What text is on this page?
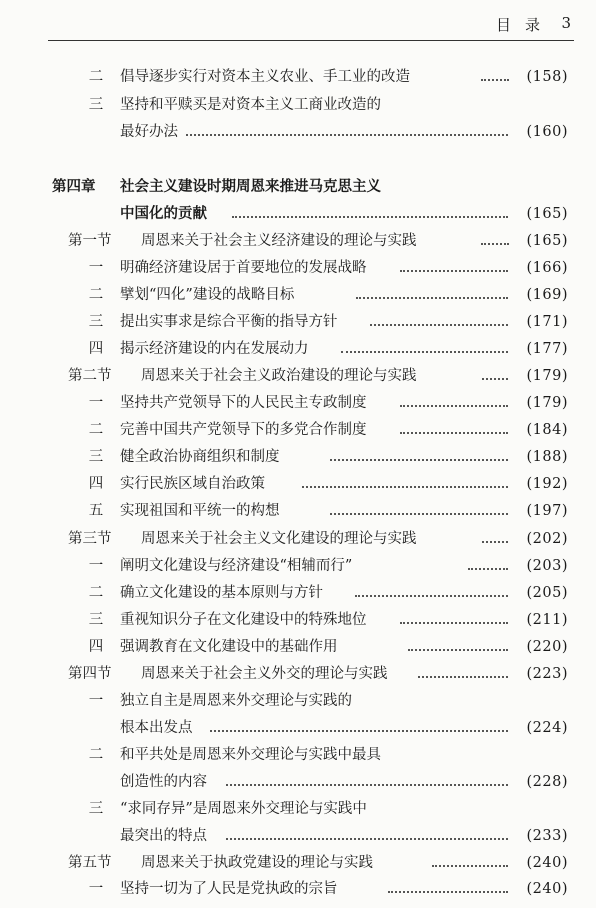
目录 3
二	倡导逐步实行对资本主义农业、手工业的改造	(158)
三	坚持和平赎买是对资本主义工商业改造的
最好办法	(160)
第四章 社会主义建设时期周恩来推进马克思主义
中国化的贡献	(165)
第一节 周恩来关于社会主义经济建设的理论与实践	(165)
一	明确经济建设居于首要地位的发展战略	(166)
二	擘划“四化”建设的战略目标	(169)
三	提出实事求是综合平衡的指导方针	(171)
四	揭示经济建设的内在发展动力	(177)
第二节 周恩来关于社会主义政治建设的理论与实践	(179)
一	坚持共产党领导下的人民民主专政制度	(179)
二	完善中国共产党领导下的多党合作制度	(184)
三	健全政治协商组织和制度	(188)
四	实行民族区域自治政策	(192)
五	实现祖国和平统一的构想	(197)
第三节 周恩来关于社会主义文化建设的理论与实践	(202)
一	阐明文化建设与经济建设“相辅而行”	(203)
二	确立文化建设的基本原则与方针	(205)
三	重视知识分子在文化建设中的特殊地位	(211)
四	强调教育在文化建设中的基础作用	(220)
第四节 周恩来关于社会主义外交的理论与实践	(223)
一	独立自主是周恩来外交理论与实践的
根本出发点	(224)
二	和平共处是周恩来外交理论与实践中最具
创造性的内容	(228)
三	“求同存异”是周恩来外交理论与实践中
最突出的特点	(233)
第五节 周恩来关于执政党建设的理论与实践	(240)
一	坚持一切为了人民是党执政的宗旨	(240)
